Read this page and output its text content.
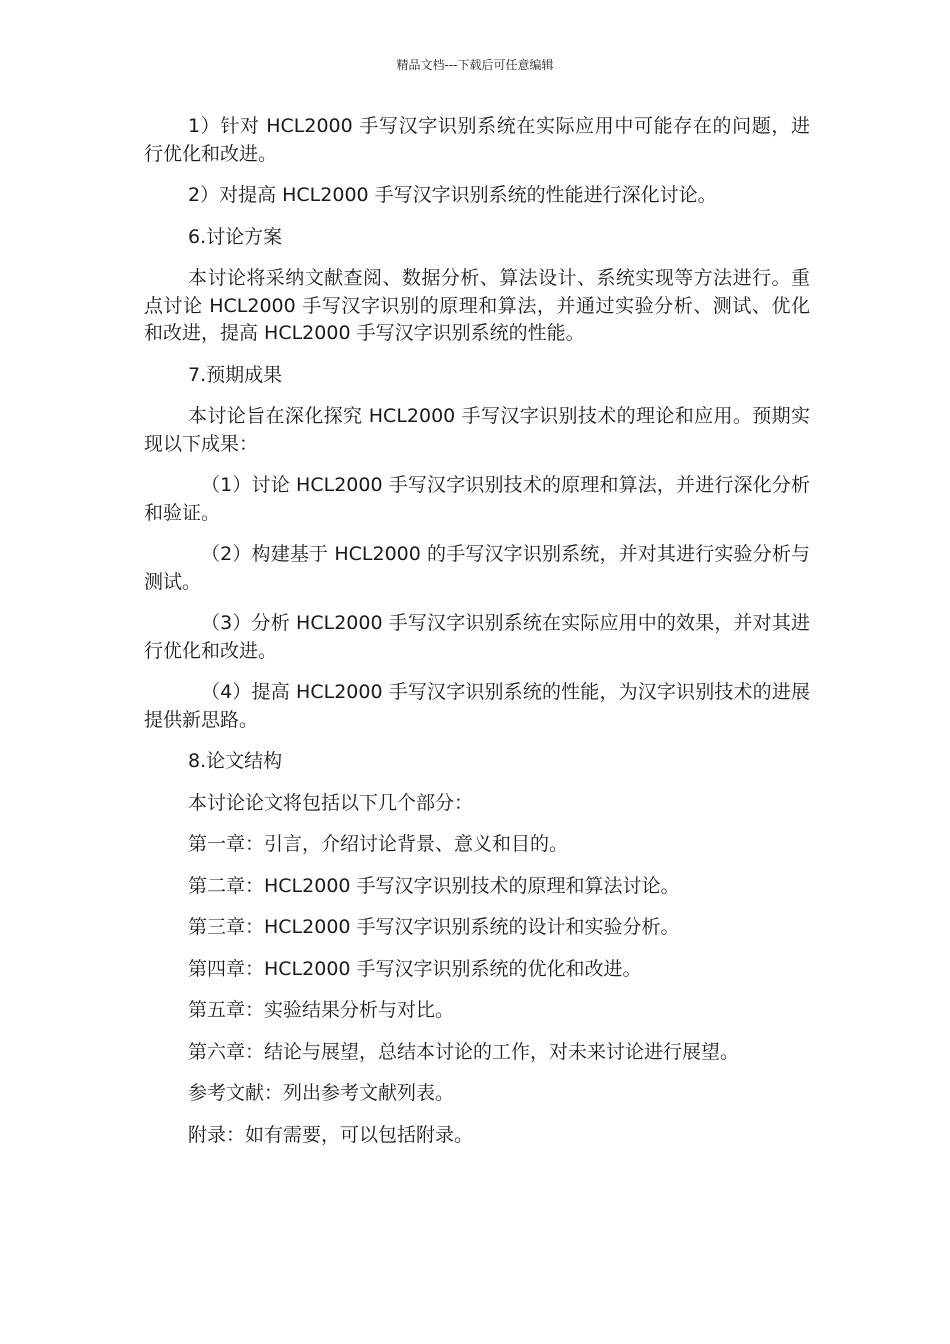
精品文档---下载后可任意编辑

1）针对 HCL2000 手写汉字识别系统在实际应用中可能存在的问题，进行优化和改进。

2）对提高 HCL2000 手写汉字识别系统的性能进行深化讨论。

6.讨论方案

本讨论将采纳文献查阅、数据分析、算法设计、系统实现等方法进行。重点讨论 HCL2000 手写汉字识别的原理和算法，并通过实验分析、测试、优化和改进，提高 HCL2000 手写汉字识别系统的性能。

7.预期成果

本讨论旨在深化探究 HCL2000 手写汉字识别技术的理论和应用。预期实现以下成果：

（1）讨论 HCL2000 手写汉字识别技术的原理和算法，并进行深化分析和验证。

（2）构建基于 HCL2000 的手写汉字识别系统，并对其进行实验分析与测试。

（3）分析 HCL2000 手写汉字识别系统在实际应用中的效果，并对其进行优化和改进。

（4）提高 HCL2000 手写汉字识别系统的性能，为汉字识别技术的进展提供新思路。

8.论文结构

本讨论论文将包括以下几个部分：

第一章：引言，介绍讨论背景、意义和目的。

第二章：HCL2000 手写汉字识别技术的原理和算法讨论。

第三章：HCL2000 手写汉字识别系统的设计和实验分析。

第四章：HCL2000 手写汉字识别系统的优化和改进。

第五章：实验结果分析与对比。

第六章：结论与展望，总结本讨论的工作，对未来讨论进行展望。

参考文献：列出参考文献列表。

附录：如有需要，可以包括附录。
